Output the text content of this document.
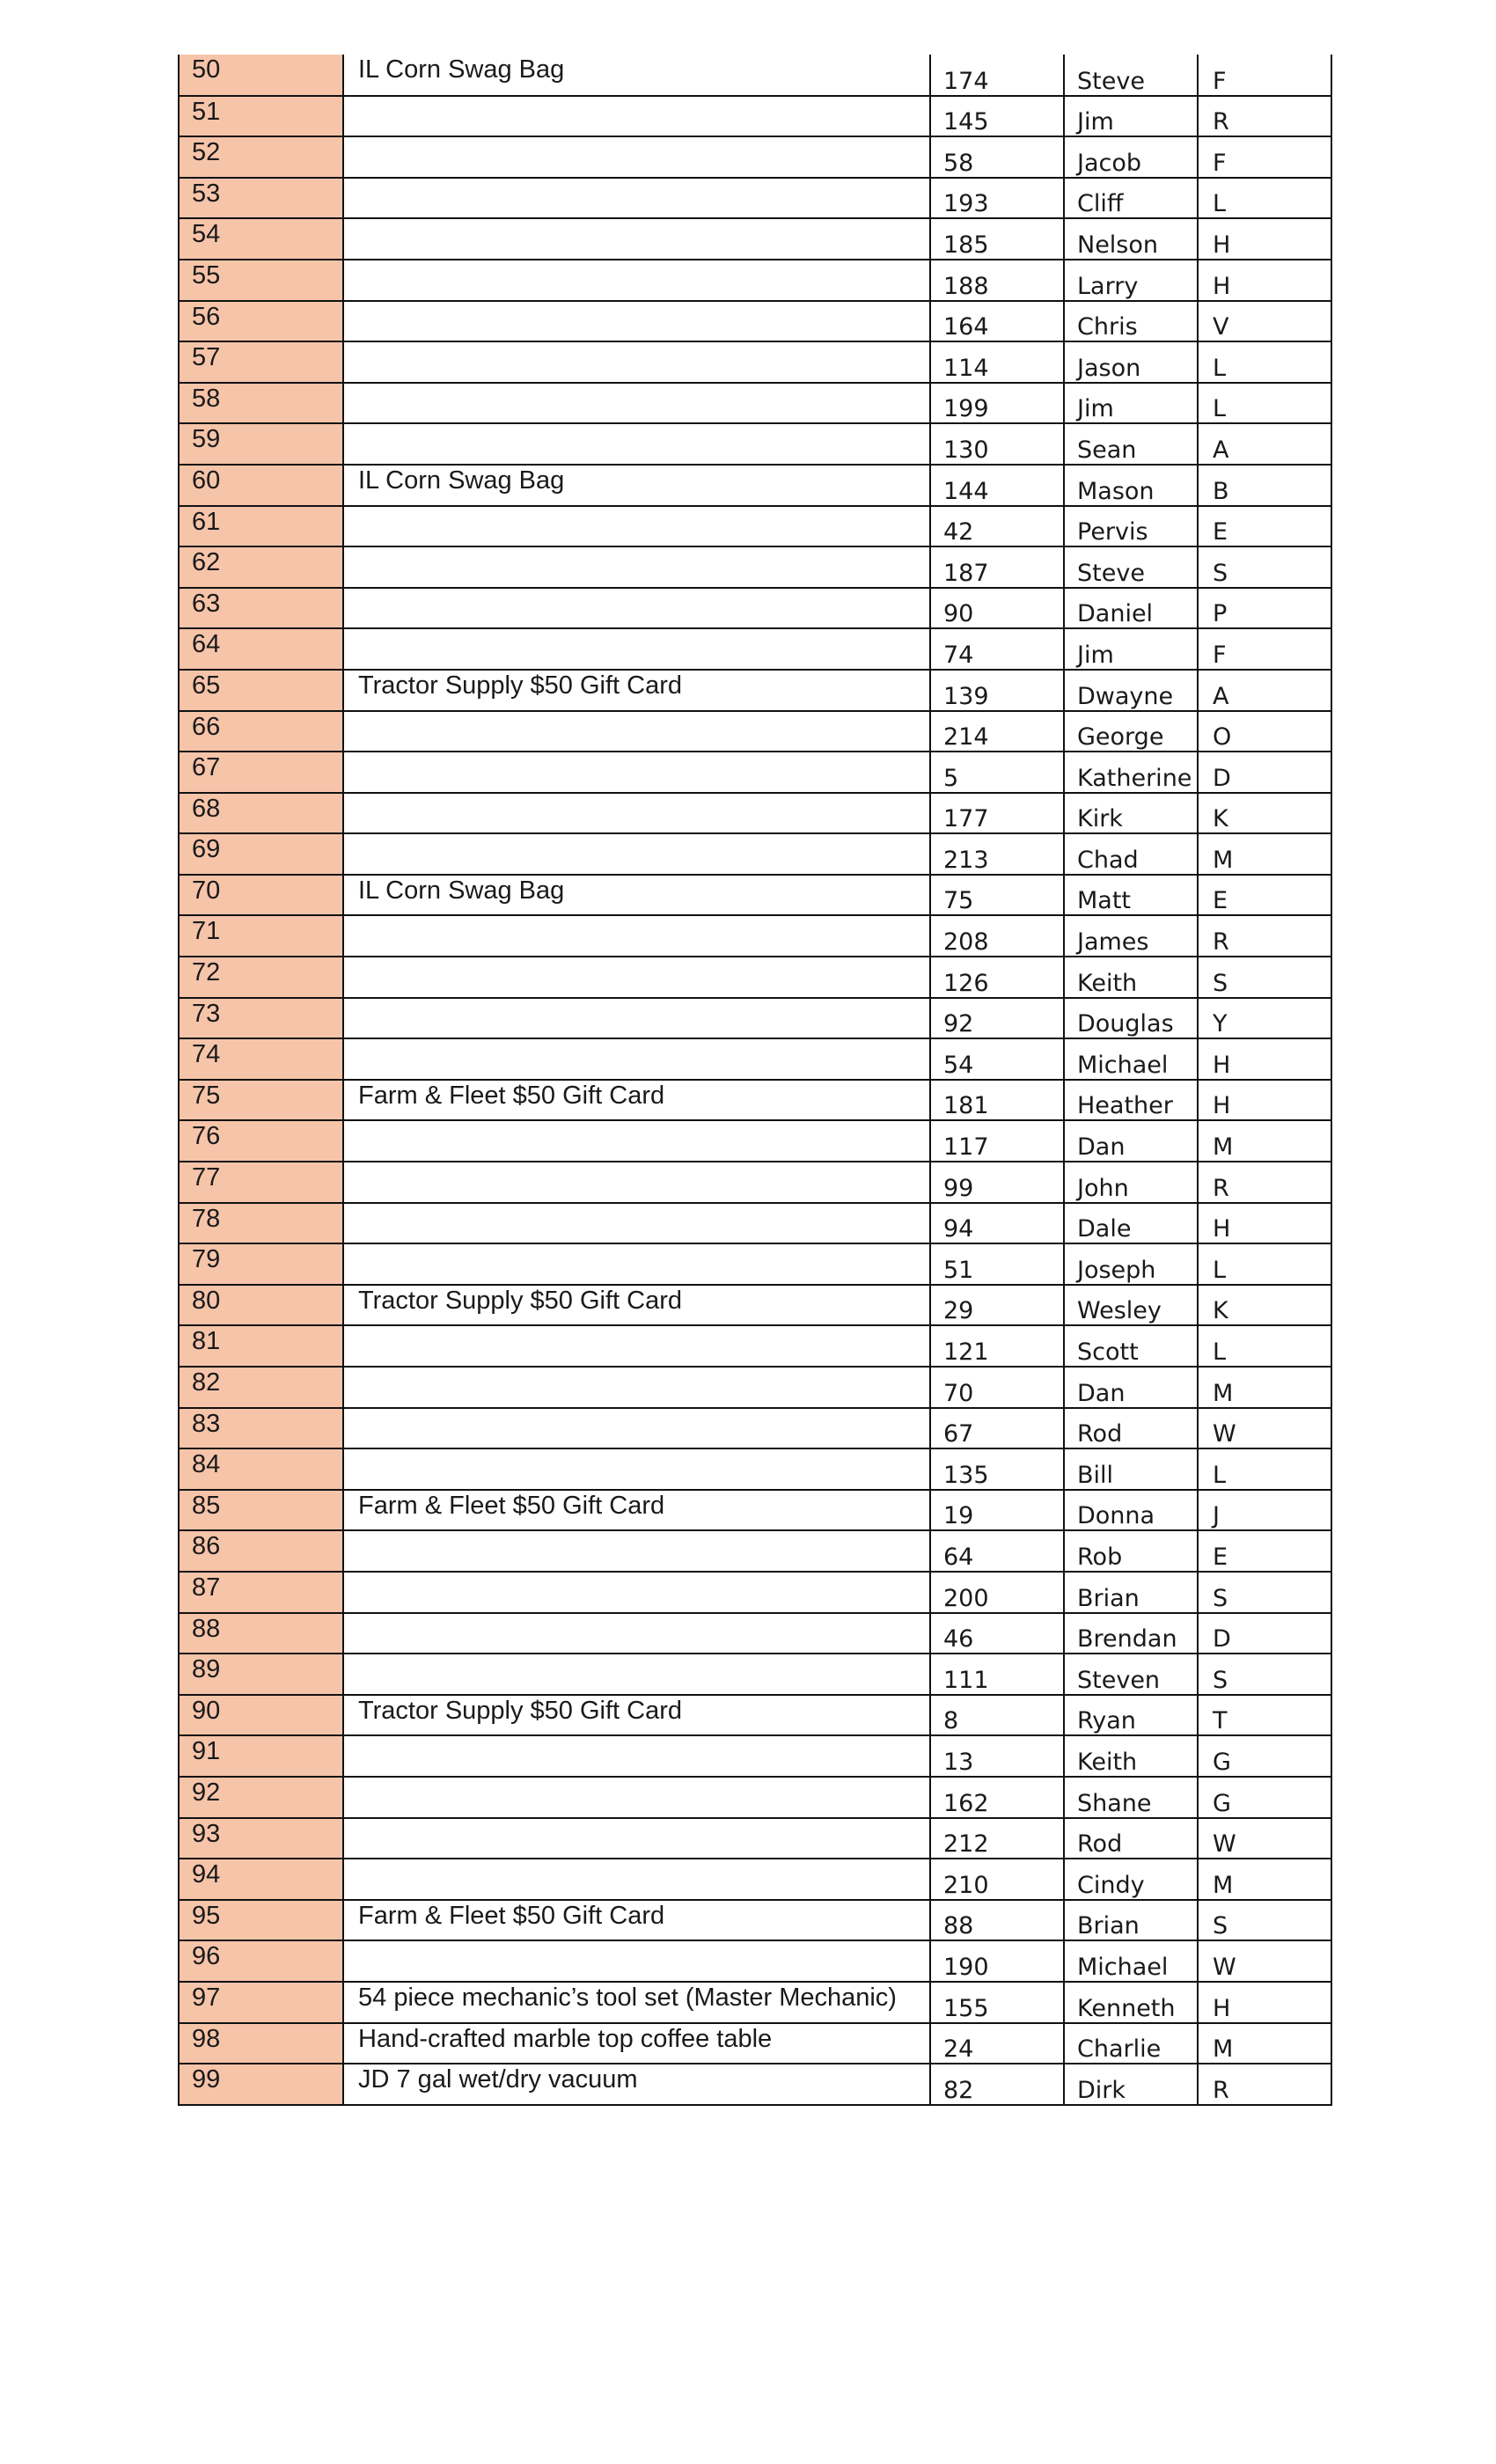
50	IL Corn Swag Bag	174	Steve	F
51		145	Jim	R
52		58	Jacob	F
53		193	Cliff	L
54		185	Nelson	H
55		188	Larry	H
56		164	Chris	V
57		114	Jason	L
58		199	Jim	L
59		130	Sean	A
60	IL Corn Swag Bag	144	Mason	B
61		42	Pervis	E
62		187	Steve	S
63		90	Daniel	P
64		74	Jim	F
65	Tractor Supply $50 Gift Card	139	Dwayne	A
66		214	George	O
67		5	Katherine	D
68		177	Kirk	K
69		213	Chad	M
70	IL Corn Swag Bag	75	Matt	E
71		208	James	R
72		126	Keith	S
73		92	Douglas	Y
74		54	Michael	H
75	Farm & Fleet $50 Gift Card	181	Heather	H
76		117	Dan	M
77		99	John	R
78		94	Dale	H
79		51	Joseph	L
80	Tractor Supply $50 Gift Card	29	Wesley	K
81		121	Scott	L
82		70	Dan	M
83		67	Rod	W
84		135	Bill	L
85	Farm & Fleet $50 Gift Card	19	Donna	J
86		64	Rob	E
87		200	Brian	S
88		46	Brendan	D
89		111	Steven	S
90	Tractor Supply $50 Gift Card	8	Ryan	T
91		13	Keith	G
92		162	Shane	G
93		212	Rod	W
94		210	Cindy	M
95	Farm & Fleet $50 Gift Card	88	Brian	S
96		190	Michael	W
97	54 piece mechanic’s tool set (Master Mechanic)	155	Kenneth	H
98	Hand-crafted marble top coffee table	24	Charlie	M
99	JD 7 gal wet/dry vacuum	82	Dirk	R
